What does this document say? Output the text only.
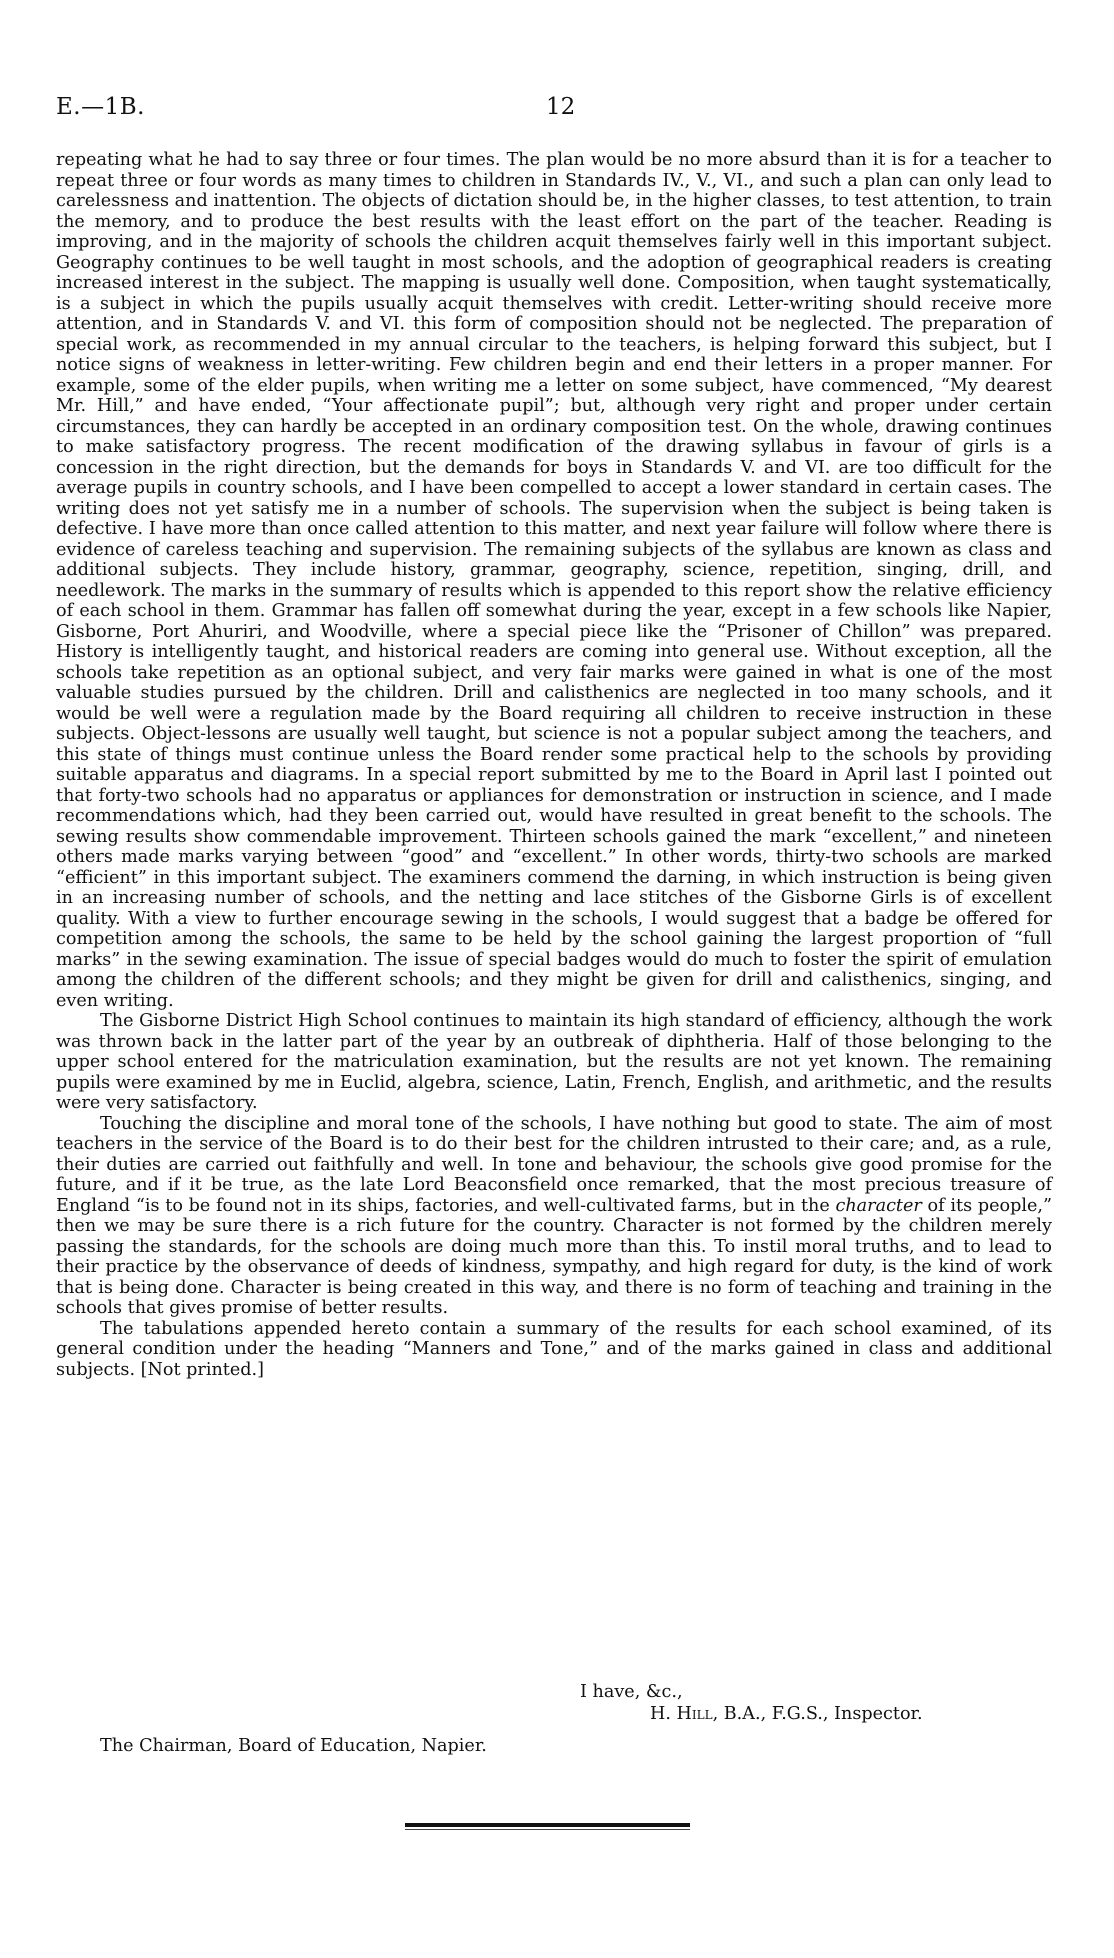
E.—1B.	12

repeating what he had to say three or four times. The plan would be no more absurd than it is for a teacher to repeat three or four words as many times to children in Standards IV., V., VI., and such a plan can only lead to carelessness and inattention. The objects of dictation should be, in the higher classes, to test attention, to train the memory, and to produce the best results with the least effort on the part of the teacher. Reading is improving, and in the majority of schools the children acquit themselves fairly well in this important subject. Geography continues to be well taught in most schools, and the adoption of geographical readers is creating increased interest in the subject. The mapping is usually well done. Composition, when taught systematically, is a subject in which the pupils usually acquit themselves with credit. Letter-writing should receive more attention, and in Standards V. and VI. this form of composition should not be neglected. The preparation of special work, as recommended in my annual circular to the teachers, is helping forward this subject, but I notice signs of weakness in letter-writing. Few children begin and end their letters in a proper manner. For example, some of the elder pupils, when writing me a letter on some subject, have commenced, “My dearest Mr. Hill,” and have ended, “Your affectionate pupil”; but, although very right and proper under certain circumstances, they can hardly be accepted in an ordinary composition test. On the whole, drawing continues to make satisfactory progress. The recent modification of the drawing syllabus in favour of girls is a concession in the right direction, but the demands for boys in Standards V. and VI. are too difficult for the average pupils in country schools, and I have been compelled to accept a lower standard in certain cases. The writing does not yet satisfy me in a number of schools. The supervision when the subject is being taken is defective. I have more than once called attention to this matter, and next year failure will follow where there is evidence of careless teaching and supervision. The remaining subjects of the syllabus are known as class and additional subjects. They include history, grammar, geography, science, repetition, singing, drill, and needlework. The marks in the summary of results which is appended to this report show the relative efficiency of each school in them. Grammar has fallen off somewhat during the year, except in a few schools like Napier, Gisborne, Port Ahuriri, and Woodville, where a special piece like the “Prisoner of Chillon” was prepared. History is intelligently taught, and historical readers are coming into general use. Without exception, all the schools take repetition as an optional subject, and very fair marks were gained in what is one of the most valuable studies pursued by the children. Drill and calisthenics are neglected in too many schools, and it would be well were a regulation made by the Board requiring all children to receive instruction in these subjects. Object-lessons are usually well taught, but science is not a popular subject among the teachers, and this state of things must continue unless the Board render some practical help to the schools by providing suitable apparatus and diagrams. In a special report submitted by me to the Board in April last I pointed out that forty-two schools had no apparatus or appliances for demonstration or instruction in science, and I made recommendations which, had they been carried out, would have resulted in great benefit to the schools. The sewing results show commendable improvement. Thirteen schools gained the mark “excellent,” and nineteen others made marks varying between “good” and “excellent.” In other words, thirty-two schools are marked “efficient” in this important subject. The examiners commend the darning, in which instruction is being given in an increasing number of schools, and the netting and lace stitches of the Gisborne Girls is of excellent quality. With a view to further encourage sewing in the schools, I would suggest that a badge be offered for competition among the schools, the same to be held by the school gaining the largest proportion of “full marks” in the sewing examination. The issue of special badges would do much to foster the spirit of emulation among the children of the different schools; and they might be given for drill and calisthenics, singing, and even writing.

The Gisborne District High School continues to maintain its high standard of efficiency, although the work was thrown back in the latter part of the year by an outbreak of diphtheria. Half of those belonging to the upper school entered for the matriculation examination, but the results are not yet known. The remaining pupils were examined by me in Euclid, algebra, science, Latin, French, English, and arithmetic, and the results were very satisfactory.

Touching the discipline and moral tone of the schools, I have nothing but good to state. The aim of most teachers in the service of the Board is to do their best for the children intrusted to their care; and, as a rule, their duties are carried out faithfully and well. In tone and behaviour, the schools give good promise for the future, and if it be true, as the late Lord Beaconsfield once remarked, that the most precious treasure of England “is to be found not in its ships, factories, and well-cultivated farms, but in the character of its people,” then we may be sure there is a rich future for the country. Character is not formed by the children merely passing the standards, for the schools are doing much more than this. To instil moral truths, and to lead to their practice by the observance of deeds of kindness, sympathy, and high regard for duty, is the kind of work that is being done. Character is being created in this way, and there is no form of teaching and training in the schools that gives promise of better results.

The tabulations appended hereto contain a summary of the results for each school examined, of its general condition under the heading “Manners and Tone,” and of the marks gained in class and additional subjects. [Not printed.]

I have, &c.,
H. Hill, B.A., F.G.S., Inspector.
The Chairman, Board of Education, Napier.
